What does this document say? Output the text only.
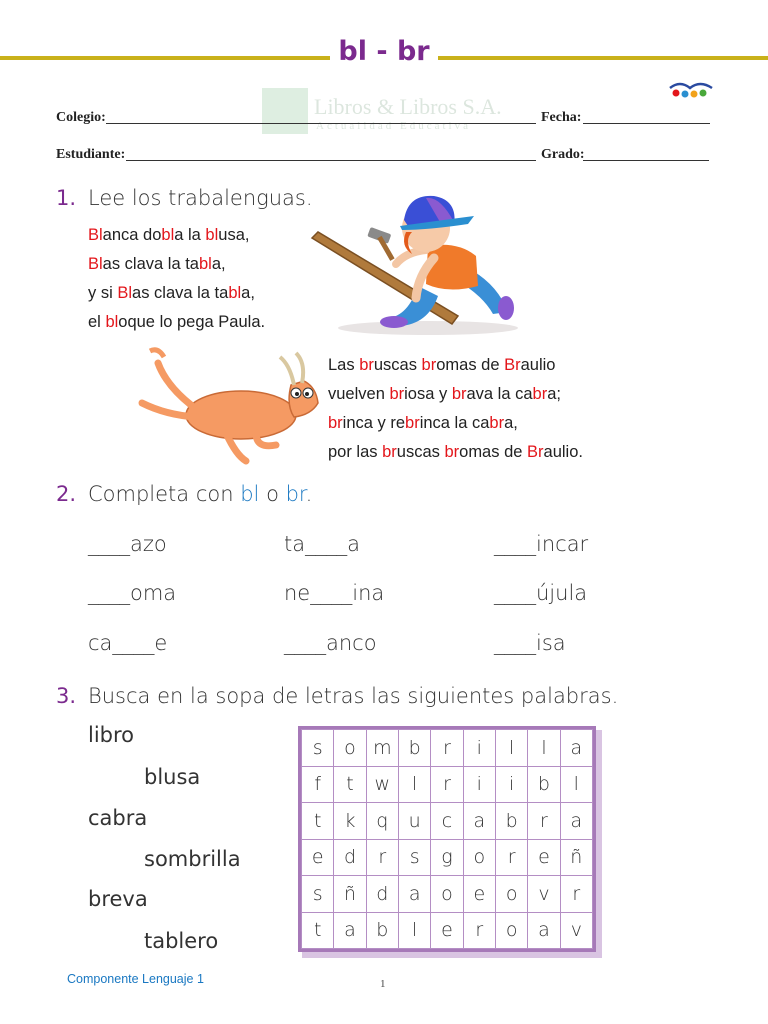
bl - br
Libros & Libros S.A.
Actualidad Educativa
Colegio:	Fecha:
Estudiante:	Grado:
1. Lee los trabalenguas.
Blanca dobla la blusa,
Blas clava la tabla,
y si Blas clava la tabla,
el bloque lo pega Paula.
Las bruscas bromas de Braulio
vuelven briosa y brava la cabra;
brinca y rebrinca la cabra,
por las bruscas bromas de Braulio.
2. Completa con bl o br.
____azo	ta____a	____incar
____oma	ne____ina	____újula
ca____e	____anco	____isa
3. Busca en la sopa de letras las siguientes palabras.
libro
blusa
cabra
sombrilla
breva
tablero
s	o	m	b	r	i	l	l	a
f	t	w	l	r	i	i	b	l
t	k	q	u	c	a	b	r	a
e	d	r	s	g	o	r	e	ñ
s	ñ	d	a	o	e	o	v	r
t	a	b	l	e	r	o	a	v
Componente Lenguaje 1	1
